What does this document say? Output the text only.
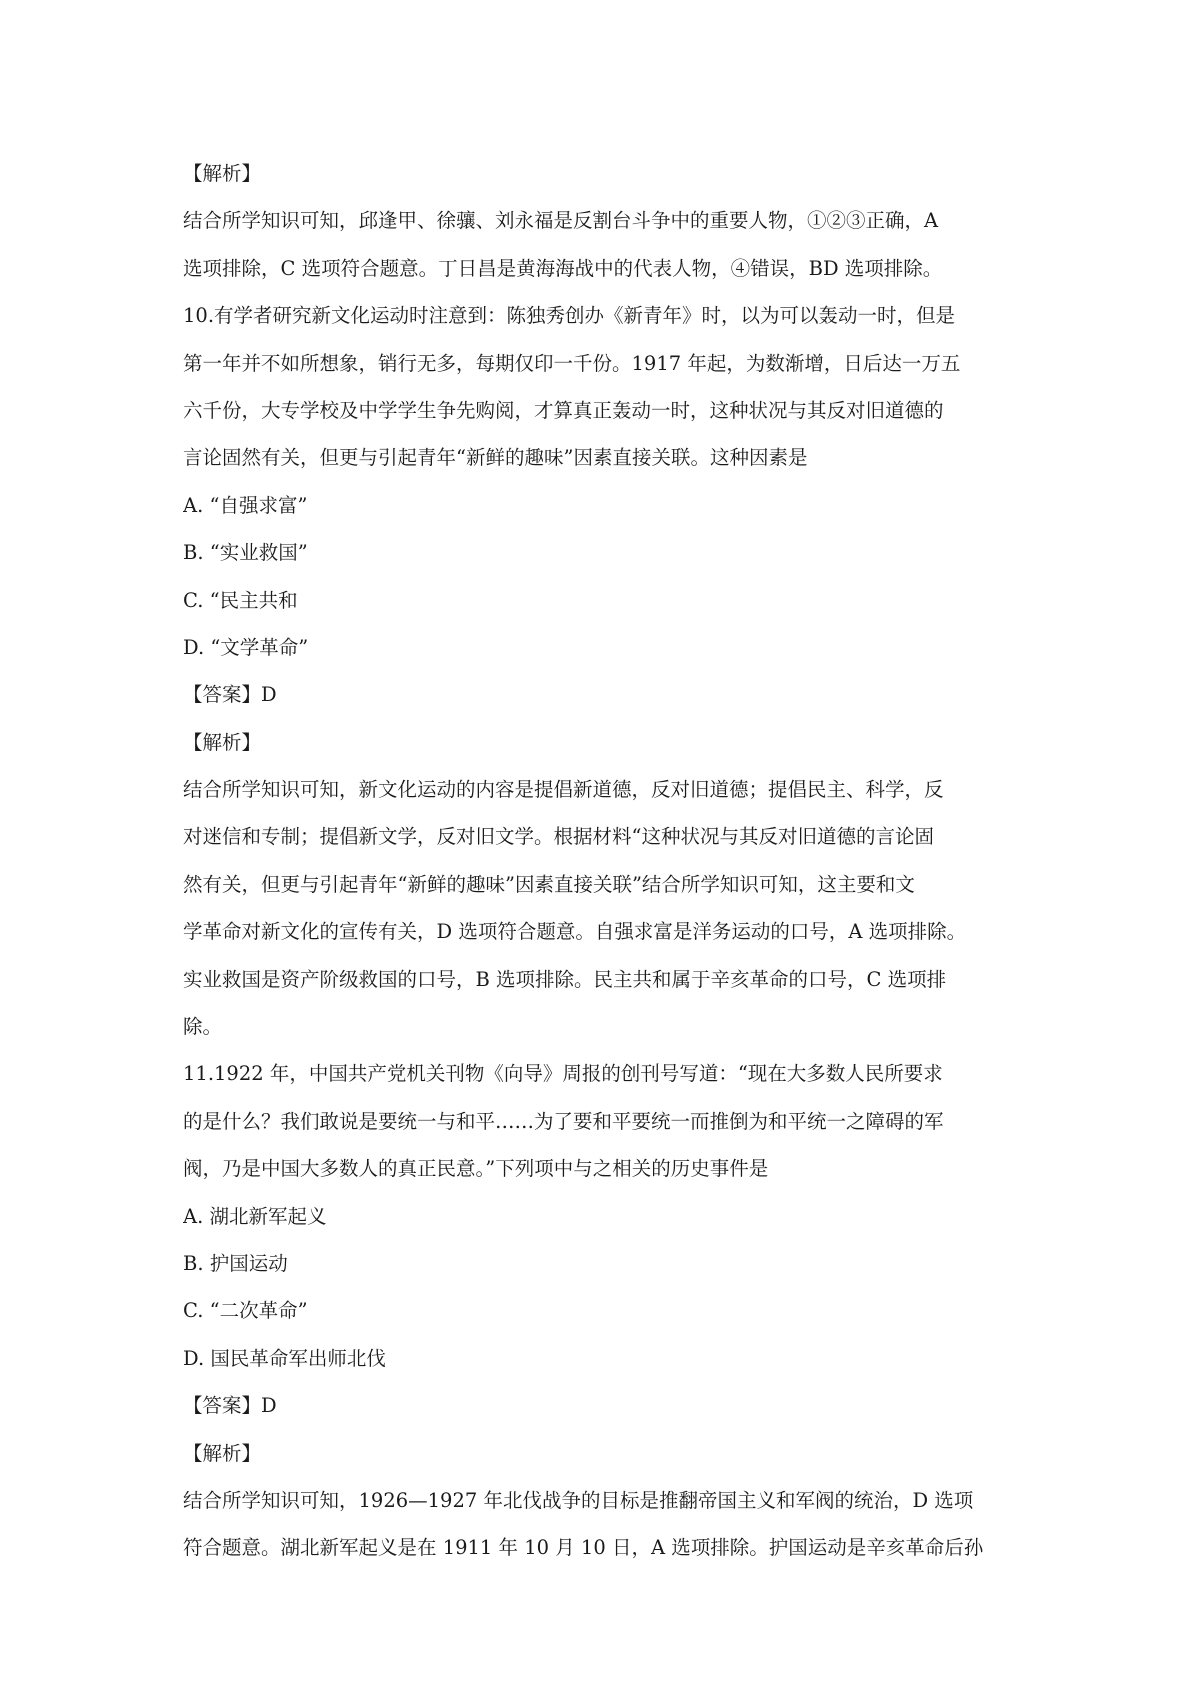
【解析】
结合所学知识可知，邱逢甲、徐骧、刘永福是反割台斗争中的重要人物，①②③正确，A
选项排除，C 选项符合题意。丁日昌是黄海海战中的代表人物，④错误，BD 选项排除。
10.有学者研究新文化运动时注意到：陈独秀创办《新青年》时，以为可以轰动一时，但是
第一年并不如所想象，销行无多，每期仅印一千份。1917 年起，为数渐增，日后达一万五
六千份，大专学校及中学学生争先购阅，才算真正轰动一时，这种状况与其反对旧道德的
言论固然有关，但更与引起青年“新鲜的趣味”因素直接关联。这种因素是
A. “自强求富”
B. “实业救国”
C. “民主共和
D. “文学革命”
【答案】D
【解析】
结合所学知识可知，新文化运动的内容是提倡新道德，反对旧道德；提倡民主、科学，反
对迷信和专制；提倡新文学，反对旧文学。根据材料“这种状况与其反对旧道德的言论固
然有关，但更与引起青年“新鲜的趣味”因素直接关联”结合所学知识可知，这主要和文
学革命对新文化的宣传有关，D 选项符合题意。自强求富是洋务运动的口号，A 选项排除。
实业救国是资产阶级救国的口号，B 选项排除。民主共和属于辛亥革命的口号，C 选项排
除。
11.1922 年，中国共产党机关刊物《向导》周报的创刊号写道：“现在大多数人民所要求
的是什么？我们敢说是要统一与和平……为了要和平要统一而推倒为和平统一之障碍的军
阀，乃是中国大多数人的真正民意。”下列项中与之相关的历史事件是
A. 湖北新军起义
B. 护国运动
C. “二次革命”
D. 国民革命军出师北伐
【答案】D
【解析】
结合所学知识可知，1926—1927 年北伐战争的目标是推翻帝国主义和军阀的统治，D 选项
符合题意。湖北新军起义是在 1911 年 10 月 10 日，A 选项排除。护国运动是辛亥革命后孙
